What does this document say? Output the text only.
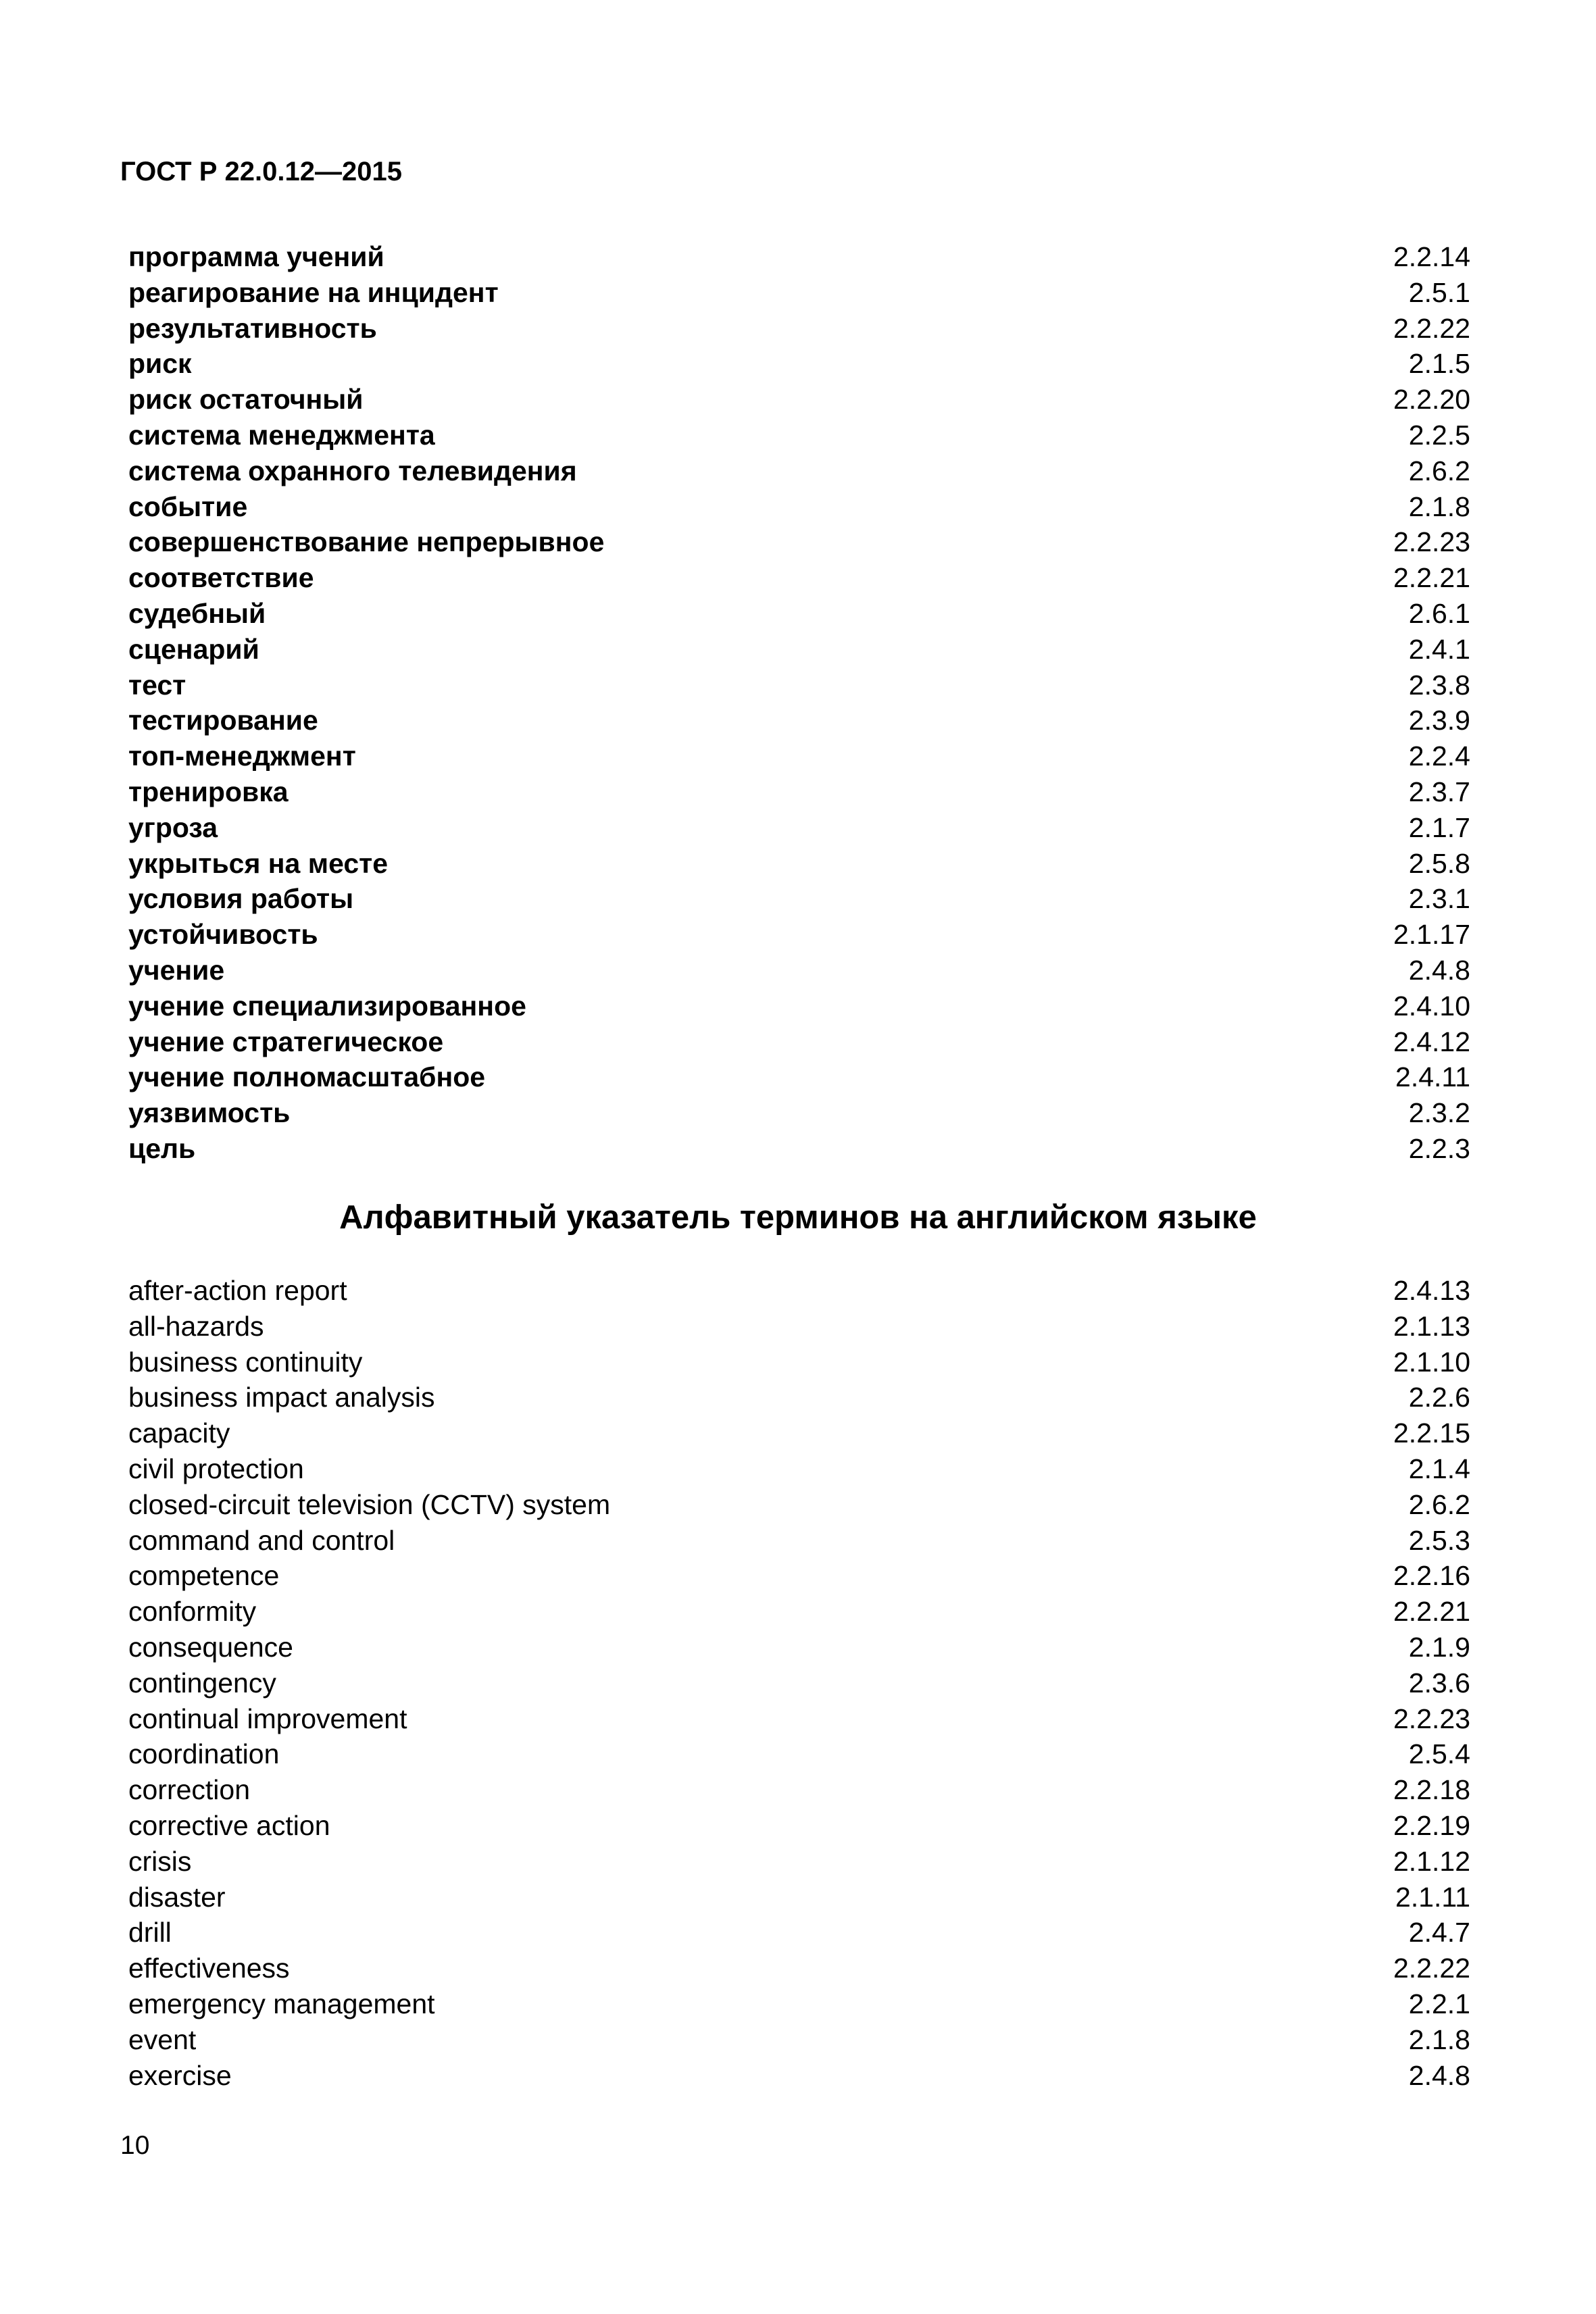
ГОСТ Р 22.0.12—2015
программа учений	2.2.14
реагирование на инцидент	2.5.1
результативность	2.2.22
риск	2.1.5
риск остаточный	2.2.20
система менеджмента	2.2.5
система охранного телевидения	2.6.2
событие	2.1.8
совершенствование непрерывное	2.2.23
соответствие	2.2.21
судебный	2.6.1
сценарий	2.4.1
тест	2.3.8
тестирование	2.3.9
топ-менеджмент	2.2.4
тренировка	2.3.7
угроза	2.1.7
укрыться на месте	2.5.8
условия работы	2.3.1
устойчивость	2.1.17
учение	2.4.8
учение специализированное	2.4.10
учение стратегическое	2.4.12
учение полномасштабное	2.4.11
уязвимость	2.3.2
цель	2.2.3
Алфавитный указатель терминов на английском языке
after-action report	2.4.13
all-hazards	2.1.13
business continuity	2.1.10
business impact analysis	2.2.6
capacity	2.2.15
civil protection	2.1.4
closed-circuit television (CCTV) system	2.6.2
command and control	2.5.3
competence	2.2.16
conformity	2.2.21
consequence	2.1.9
contingency	2.3.6
continual improvement	2.2.23
coordination	2.5.4
correction	2.2.18
corrective action	2.2.19
crisis	2.1.12
disaster	2.1.11
drill	2.4.7
effectiveness	2.2.22
emergency management	2.2.1
event	2.1.8
exercise	2.4.8
10
